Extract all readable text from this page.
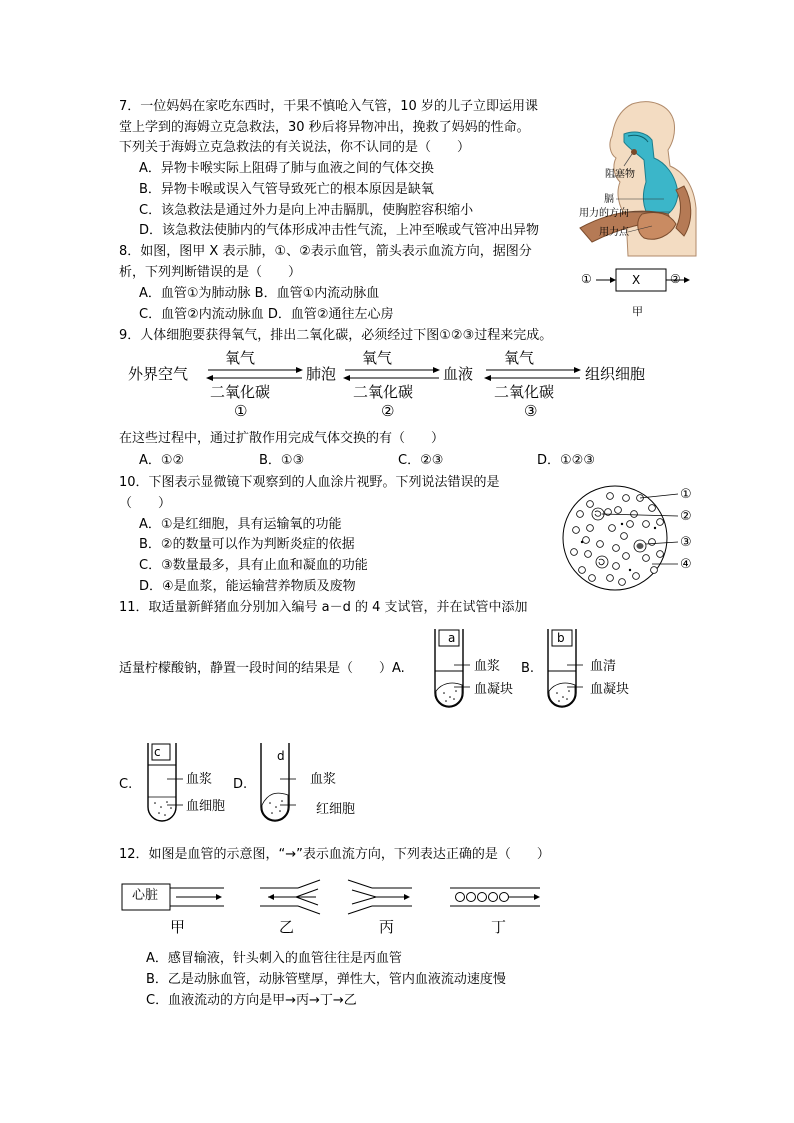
7．一位妈妈在家吃东西时，干果不慎呛入气管，10 岁的儿子立即运用课
堂上学到的海姆立克急救法，30 秒后将异物冲出，挽救了妈妈的性命。
下列关于海姆立克急救法的有关说法，你不认同的是（　　）
A．异物卡喉实际上阻碍了肺与血液之间的气体交换
B．异物卡喉或误入气管导致死亡的根本原因是缺氧
C．该急救法是通过外力是向上冲击膈肌，使胸腔容积缩小
D．该急救法使肺内的气体形成冲击性气流，上冲至喉或气管冲出异物
阻塞物
膈
用力的方向
用力点
8．如图，图甲 X 表示肺，①、②表示血管，箭头表示血流方向，据图分
析，下列判断错误的是（　　）
A．血管①为肺动脉 B．血管①内流动脉血
C．血管②内流动脉血 D．血管②通往左心房
①	X ②
甲
9．人体细胞要获得氧气，排出二氧化碳，必须经过下图①②③过程来完成。
外界空气	肺泡	血液	组织细胞
氧气	氧气	氧气
二氧化碳	二氧化碳	二氧化碳
①	②	③
在这些过程中，通过扩散作用完成气体交换的有（　　）
A．①②	B．①③	C．②③	D．①②③
10．下图表示显微镜下观察到的人血涂片视野。下列说法错误的是
（　　）
A．①是红细胞，具有运输氧的功能
B．②的数量可以作为判断炎症的依据
C．③数量最多，具有止血和凝血的功能
D．④是血浆，能运输营养物质及废物
①
②
③
④
11．取适量新鲜猪血分别加入编号 a－d 的 4 支试管，并在试管中添加
适量柠檬酸钠，静置一段时间的结果是（　　）A.
a
血浆
血凝块
B.
b
血清
血凝块
C.
c
血浆
血细胞
D.
d
血浆
红细胞
12．如图是血管的示意图，“→”表示血流方向，下列表达正确的是（　　）
心脏
甲	乙	丙	丁
A．感冒输液，针头刺入的血管往往是丙血管
B．乙是动脉血管，动脉管壁厚，弹性大，管内血液流动速度慢
C．血液流动的方向是甲→丙→丁→乙
